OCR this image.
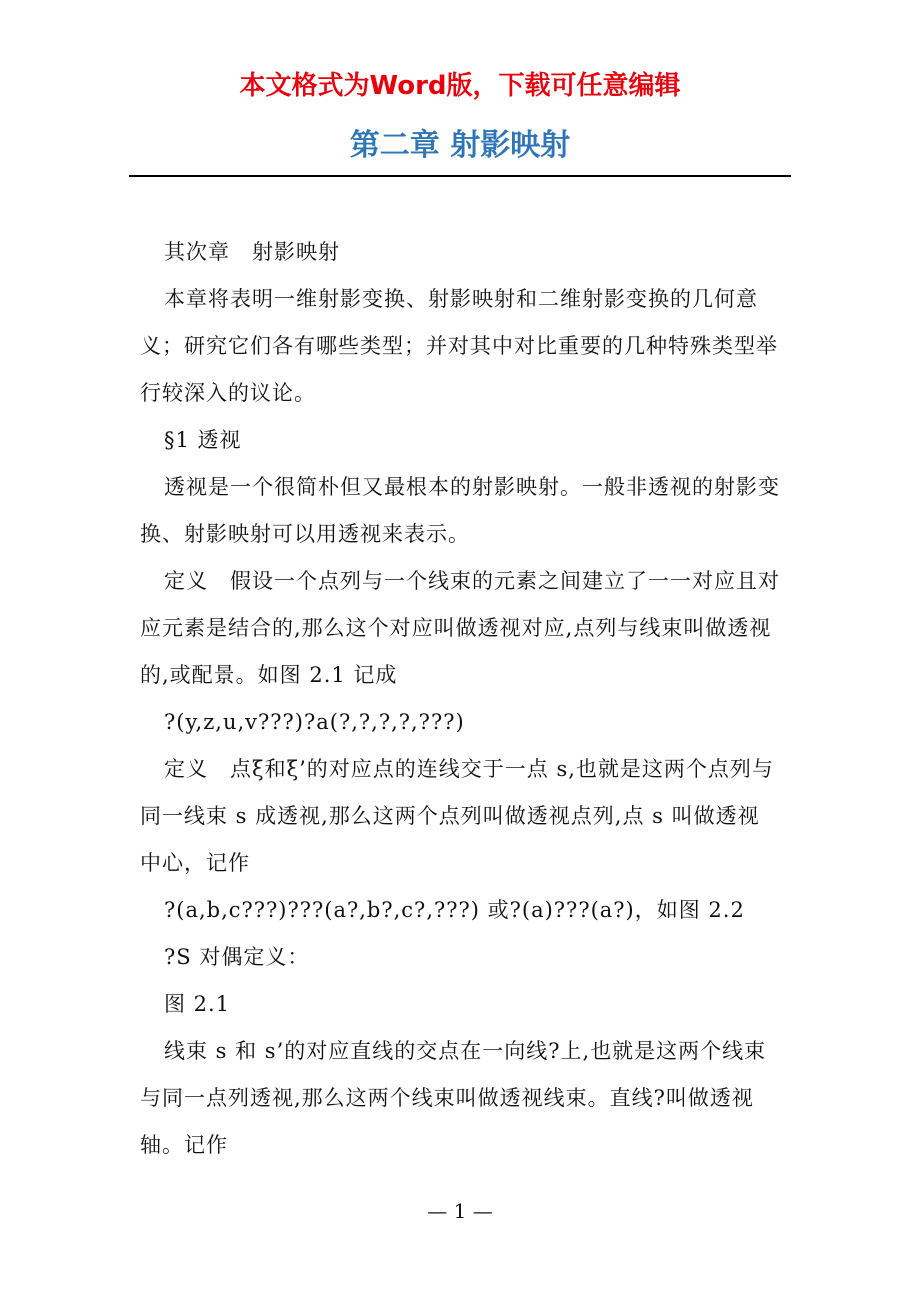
本文格式为Word版，下载可任意编辑
第二章 射影映射

其次章　射影映射

本章将表明一维射影变换、射影映射和二维射影变换的几何意义；研究它们各有哪些类型；并对其中对比重要的几种特殊类型举行较深入的议论。

§1 透视

透视是一个很简朴但又最根本的射影映射。一般非透视的射影变换、射影映射可以用透视来表示。

定义　假设一个点列与一个线束的元素之间建立了一一对应且对应元素是结合的,那么这个对应叫做透视对应,点列与线束叫做透视的,或配景。如图 2.1 记成

?(y,z,u,v???)?a(?,?,?,?,???)

定义　点ξ和ξ’的对应点的连线交于一点 s,也就是这两个点列与同一线束 s 成透视,那么这两个点列叫做透视点列,点 s 叫做透视中心，记作

?(a,b,c???)???(a?,b?,c?,???) 或?(a)???(a?)，如图 2.2

?S 对偶定义：

图 2.1

线束 s 和 s’的对应直线的交点在一向线?上,也就是这两个线束与同一点列透视,那么这两个线束叫做透视线束。直线?叫做透视轴。记作

— 1 —
